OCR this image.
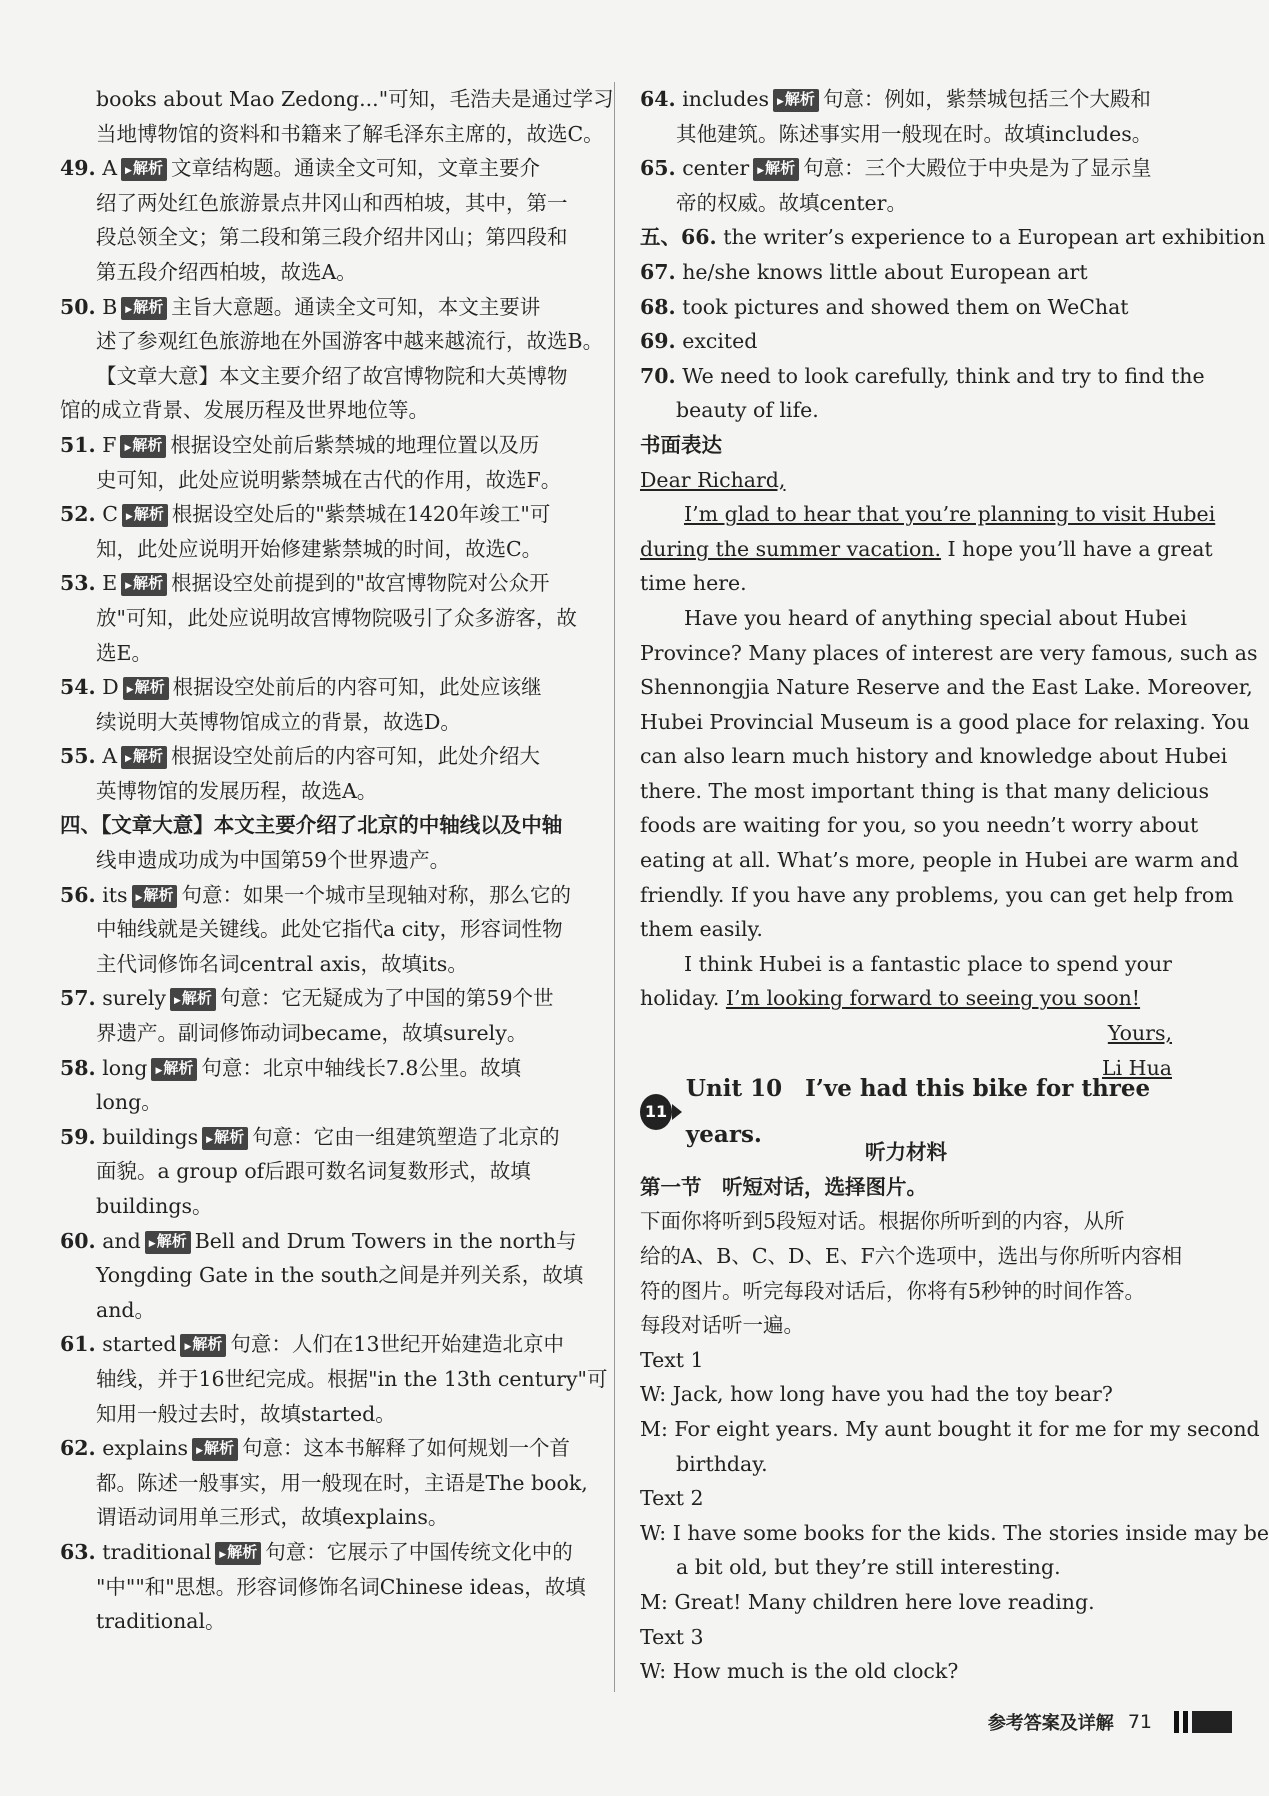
books about Mao Zedong..."可知，毛浩夫是通过学习
当地博物馆的资料和书籍来了解毛泽东主席的，故选C。
49. A ▶ 解析 文章结构题。通读全文可知，文章主要介
绍了两处红色旅游景点井冈山和西柏坡，其中，第一
段总领全文；第二段和第三段介绍井冈山；第四段和
第五段介绍西柏坡，故选A。
50. B ▶ 解析 主旨大意题。通读全文可知，本文主要讲
述了参观红色旅游地在外国游客中越来越流行，故选B。
【文章大意】本文主要介绍了故宫博物院和大英博物
馆的成立背景、发展历程及世界地位等。
51. F ▶ 解析 根据设空处前后紫禁城的地理位置以及历
史可知，此处应说明紫禁城在古代的作用，故选F。
52. C ▶ 解析 根据设空处后的"紫禁城在1420年竣工"可
知，此处应说明开始修建紫禁城的时间，故选C。
53. E ▶ 解析 根据设空处前提到的"故宫博物院对公众开
放"可知，此处应说明故宫博物院吸引了众多游客，故
选E。
54. D ▶ 解析 根据设空处前后的内容可知，此处应该继
续说明大英博物馆成立的背景，故选D。
55. A ▶ 解析 根据设空处前后的内容可知，此处介绍大
英博物馆的发展历程，故选A。
四、【文章大意】本文主要介绍了北京的中轴线以及中轴
线申遗成功成为中国第59个世界遗产。
56. its ▶ 解析 句意：如果一个城市呈现轴对称，那么它的
中轴线就是关键线。此处它指代a city，形容词性物
主代词修饰名词central axis，故填its。
57. surely ▶ 解析 句意：它无疑成为了中国的第59个世
界遗产。副词修饰动词became，故填surely。
58. long ▶ 解析 句意：北京中轴线长7.8公里。故填
long。
59. buildings ▶ 解析 句意：它由一组建筑塑造了北京的
面貌。a group of后跟可数名词复数形式，故填
buildings。
60. and ▶ 解析 Bell and Drum Towers in the north与
Yongding Gate in the south之间是并列关系，故填
and。
61. started ▶ 解析 句意：人们在13世纪开始建造北京中
轴线，并于16世纪完成。根据"in the 13th century"可
知用一般过去时，故填started。
62. explains ▶ 解析 句意：这本书解释了如何规划一个首
都。陈述一般事实，用一般现在时，主语是The book,
谓语动词用单三形式，故填explains。
63. traditional ▶ 解析 句意：它展示了中国传统文化中的
"中""和"思想。形容词修饰名词Chinese ideas，故填
traditional。
64. includes ▶ 解析 句意：例如，紫禁城包括三个大殿和
其他建筑。陈述事实用一般现在时。故填includes。
65. center ▶ 解析 句意：三个大殿位于中央是为了显示皇
帝的权威。故填center。
五、66. the writer’s experience to a European art exhibition
67. he/she knows little about European art
68. took pictures and showed them on WeChat
69. excited
70. We need to look carefully, think and try to find the
beauty of life.
书面表达
Dear Richard,
I’m glad to hear that you’re planning to visit Hubei
during the summer vacation. I hope you’ll have a great
time here.
Have you heard of anything special about Hubei
Province? Many places of interest are very famous, such as
Shennongjia Nature Reserve and the East Lake. Moreover,
Hubei Provincial Museum is a good place for relaxing. You
can also learn much history and knowledge about Hubei
there. The most important thing is that many delicious
foods are waiting for you, so you needn’t worry about
eating at all. What’s more, people in Hubei are warm and
friendly. If you have any problems, you can get help from
them easily.
I think Hubei is a fantastic place to spend your
holiday. I’m looking forward to seeing you soon!
Yours,
Li Hua
11
Unit 10　I’ve had this bike for three years.
听力材料
第一节　听短对话，选择图片。
下面你将听到5段短对话。根据你所听到的内容，从所
给的A、B、C、D、E、F六个选项中，选出与你所听内容相
符的图片。听完每段对话后，你将有5秒钟的时间作答。
每段对话听一遍。
Text 1
W: Jack, how long have you had the toy bear?
M: For eight years. My aunt bought it for me for my second
birthday.
Text 2
W: I have some books for the kids. The stories inside may be
a bit old, but they’re still interesting.
M: Great! Many children here love reading.
Text 3
W: How much is the old clock?
参考答案及详解 71
